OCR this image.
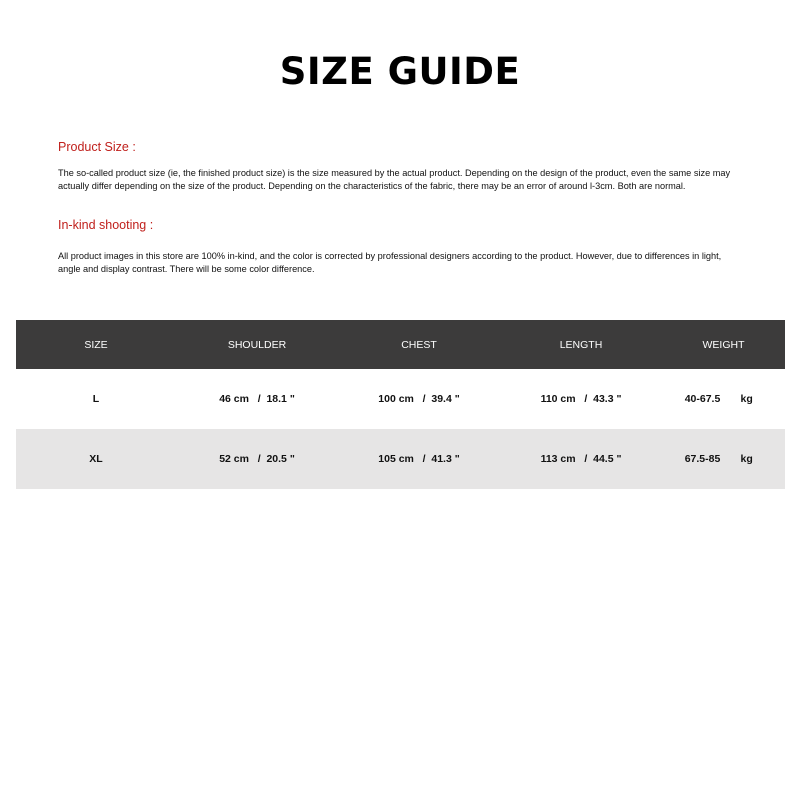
SIZE GUIDE
Product Size :

The so-called product size (ie, the finished product size) is the size measured by the actual product. Depending on the design of the product, even the same size may actually differ depending on the size of the product. Depending on the characteristics of the fabric, there may be an error of around l-3cm. Both are normal.

In-kind shooting :

All product images in this store are 100% in-kind, and the color is corrected by professional designers according to the product. However, due to differences in light, angle and display contrast. There will be some color difference.

SIZE	SHOULDER	CHEST	LENGTH	WEIGHT
L	46 cm   /  18.1 "	100 cm   /  39.4 "	110 cm   /  43.3 "	40-67.5 kg

XL	52 cm   /  20.5 "	105 cm   /  41.3 "	113 cm   /  44.5 "	67.5-85 kg
